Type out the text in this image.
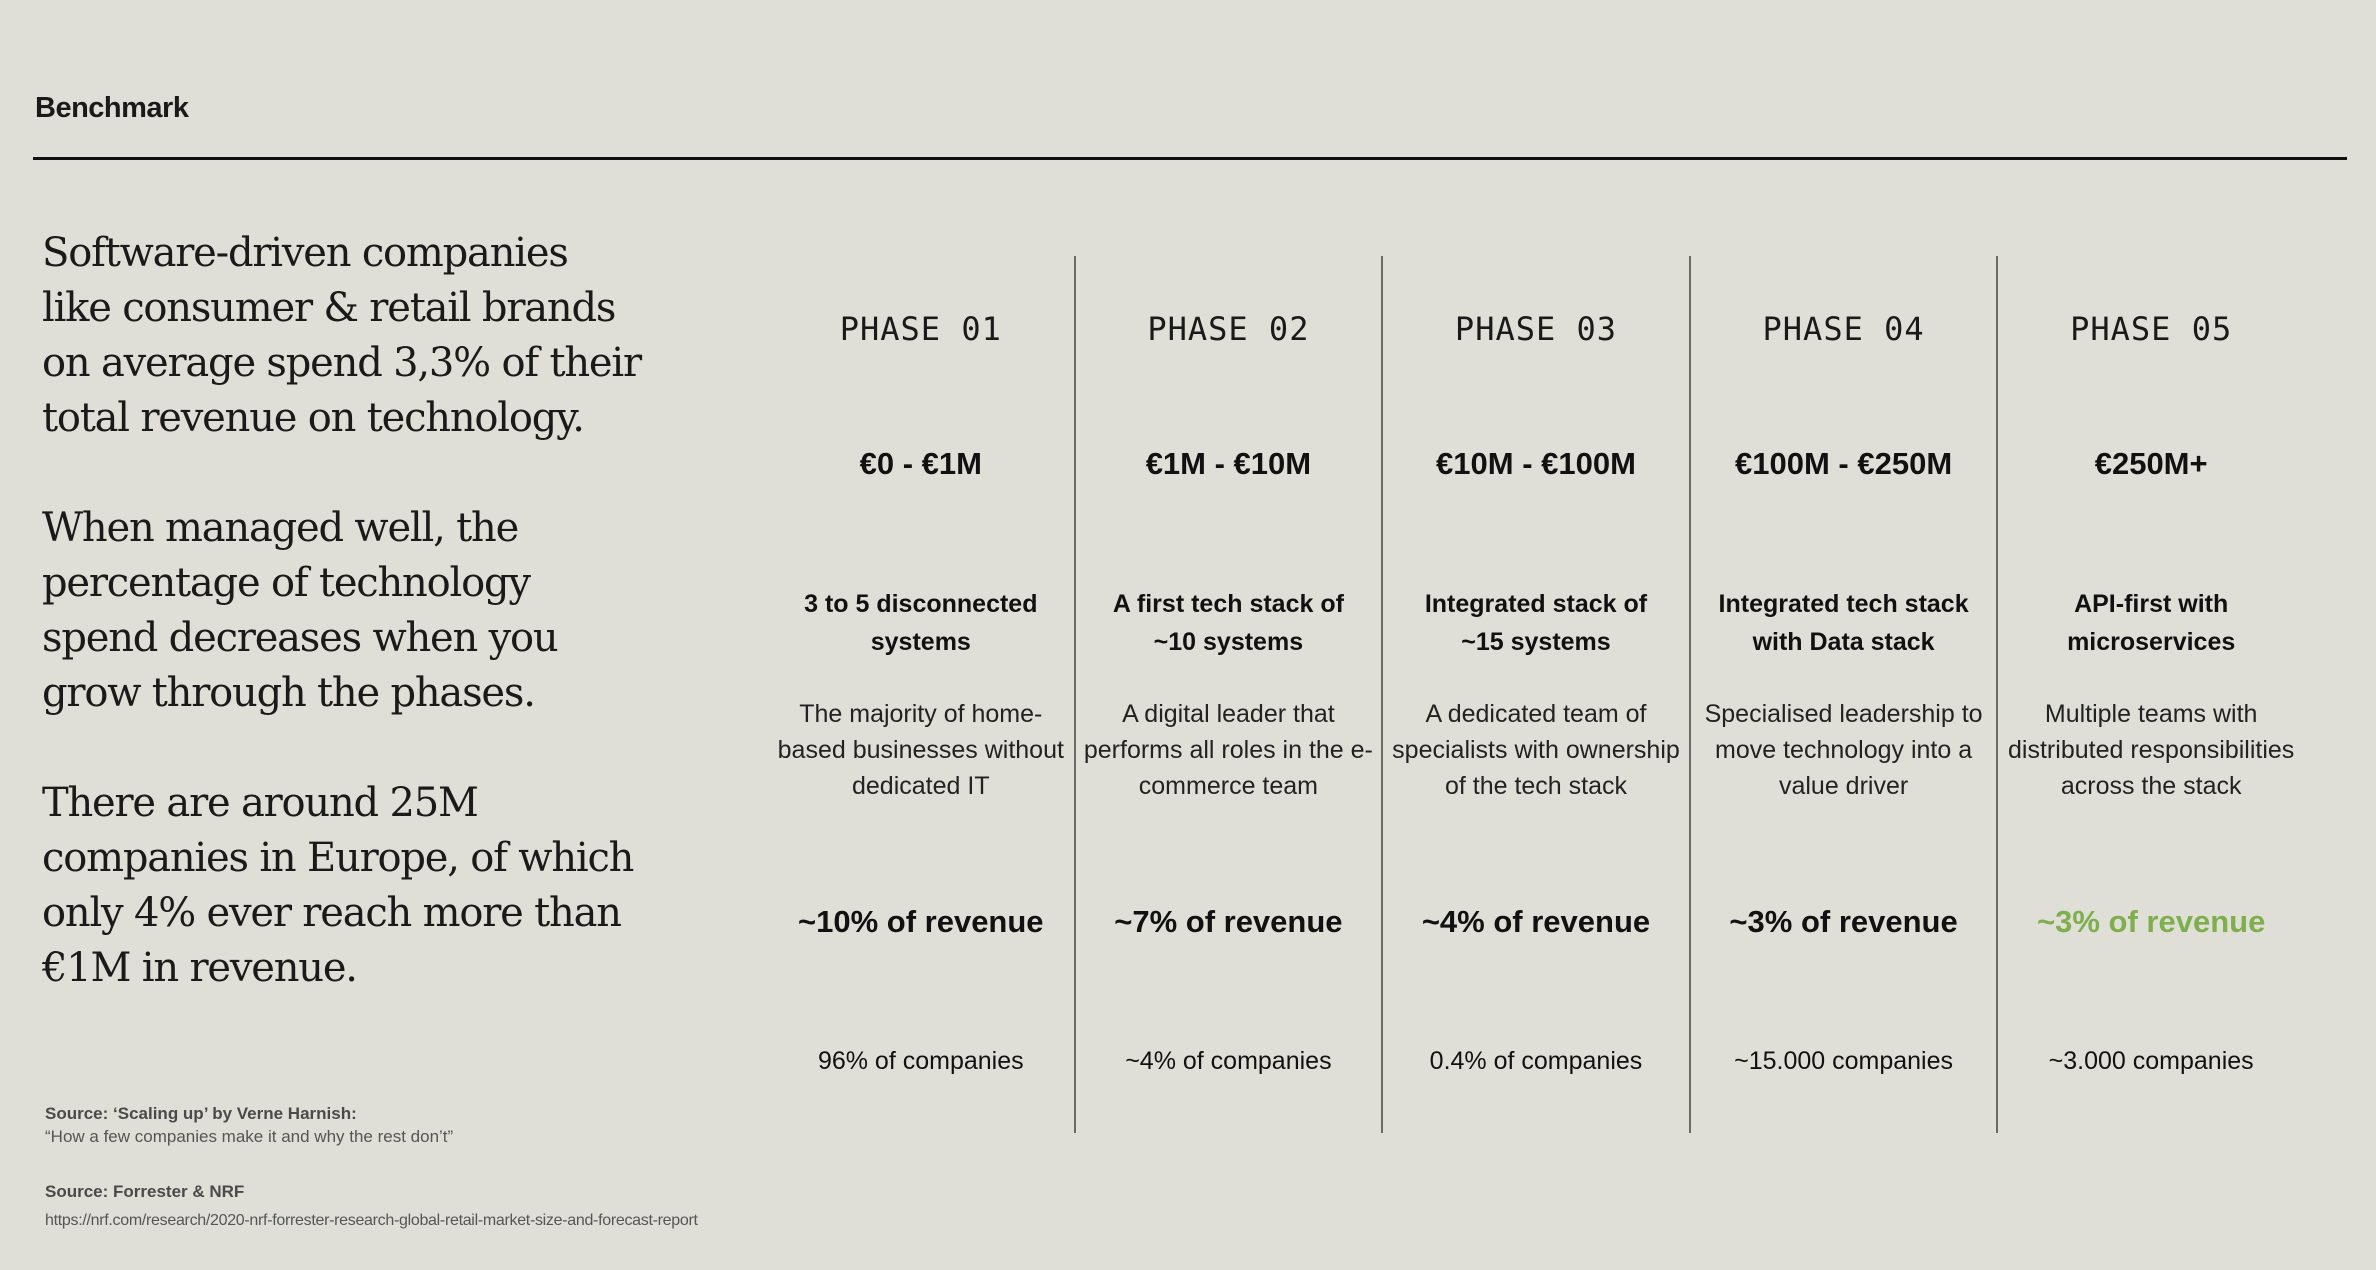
Benchmark

Software-driven companies like consumer & retail brands on average spend 3,3% of their total revenue on technology.

When managed well, the percentage of technology spend decreases when you grow through the phases.

There are around 25M companies in Europe, of which only 4% ever reach more than €1M in revenue.

PHASE 01
€0 - €1M
3 to 5 disconnected systems
The majority of home-based businesses without dedicated IT
~10% of revenue
96% of companies
PHASE 02
€1M - €10M
A first tech stack of ~10 systems
A digital leader that performs all roles in the e-commerce team
~7% of revenue
~4% of companies
PHASE 03
€10M - €100M
Integrated stack of ~15 systems
A dedicated team of specialists with ownership of the tech stack
~4% of revenue
0.4% of companies
PHASE 04
€100M - €250M
Integrated tech stack with Data stack
Specialised leadership to move technology into a value driver
~3% of revenue
~15.000 companies
PHASE 05
€250M+
API-first with microservices
Multiple teams with distributed responsibilities across the stack
~3% of revenue
~3.000 companies
Source: ‘Scaling up’ by Verne Harnish:
“How a few companies make it and why the rest don’t”
Source: Forrester & NRF
https://nrf.com/research/2020-nrf-forrester-research-global-retail-market-size-and-forecast-report
